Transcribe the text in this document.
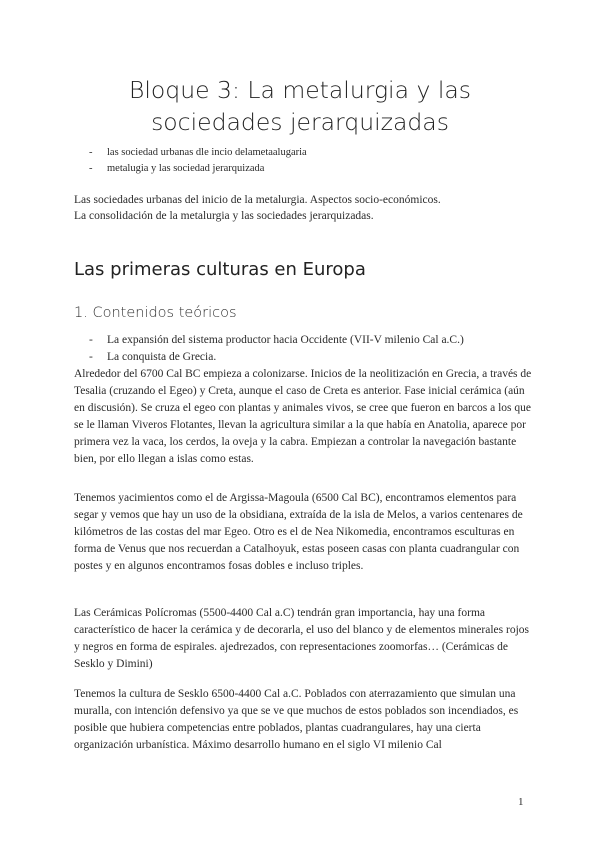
Bloque 3: La metalurgia y las sociedades jerarquizadas
- las sociedad urbanas dle incio delametaalugaria
- metalugia y las sociedad jerarquizada

Las sociedades urbanas del inicio de la metalurgia. Aspectos socio-económicos.

La consolidación de la metalurgia y las sociedades jerarquizadas.

Las primeras culturas en Europa
1. Contenidos teóricos
- La expansión del sistema productor hacia Occidente (VII-V milenio Cal a.C.)
- La conquista de Grecia.

Alrededor del 6700 Cal BC empieza a colonizarse. Inicios de la neolitización en Grecia, a través de Tesalia (cruzando el Egeo) y Creta, aunque el caso de Creta es anterior. Fase inicial cerámica (aún en discusión). Se cruza el egeo con plantas y animales vivos, se cree que fueron en barcos a los que se le llaman Viveros Flotantes, llevan la agricultura similar a la que había en Anatolia, aparece por primera vez la vaca, los cerdos, la oveja y la cabra. Empiezan a controlar la navegación bastante bien, por ello llegan a islas como estas.

Tenemos yacimientos como el de Argissa-Magoula (6500 Cal BC), encontramos elementos para segar y vemos que hay un uso de la obsidiana, extraída de la isla de Melos, a varios centenares de kilómetros de las costas del mar Egeo. Otro es el de Nea Nikomedia, encontramos esculturas en forma de Venus que nos recuerdan a Catalhoyuk, estas poseen casas con planta cuadrangular con postes y en algunos encontramos fosas dobles e incluso triples.

Las Cerámicas Polícromas (5500-4400 Cal a.C) tendrán gran importancia, hay una forma característico de hacer la cerámica y de decorarla, el uso del blanco y de elementos minerales rojos y negros en forma de espirales. ajedrezados, con representaciones zoomorfas… (Cerámicas de Sesklo y Dimini)

Tenemos la cultura de Sesklo 6500-4400 Cal a.C. Poblados con aterrazamiento que simulan una muralla, con intención defensivo ya que se ve que muchos de estos poblados son incendiados, es posible que hubiera competencias entre poblados, plantas cuadrangulares, hay una cierta organización urbanística. Máximo desarrollo humano en el siglo VI milenio Cal

1
